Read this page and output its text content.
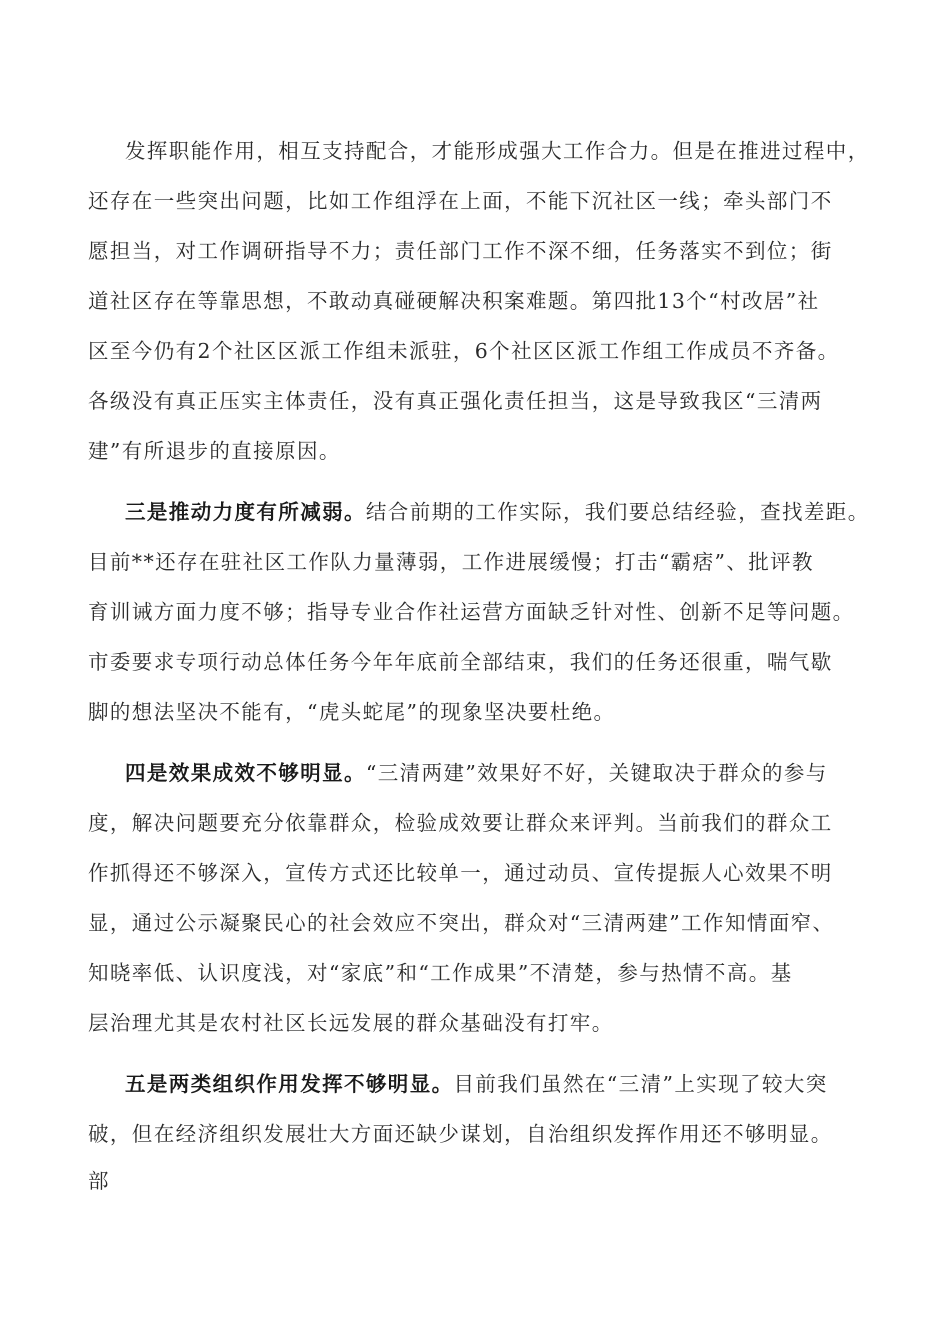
发挥职能作用，相互支持配合，才能形成强大工作合力。但是在推进过程中，
还存在一些突出问题，比如工作组浮在上面，不能下沉社区一线；牵头部门不
愿担当，对工作调研指导不力；责任部门工作不深不细，任务落实不到位；街
道社区存在等靠思想，不敢动真碰硬解决积案难题。第四批13个“村改居”社
区至今仍有2个社区区派工作组未派驻，6个社区区派工作组工作成员不齐备。
各级没有真正压实主体责任，没有真正强化责任担当，这是导致我区“三清两
建”有所退步的直接原因。
三是推动力度有所减弱。结合前期的工作实际，我们要总结经验，查找差距。
目前**还存在驻社区工作队力量薄弱，工作进展缓慢；打击“霸痞”、批评教
育训诫方面力度不够；指导专业合作社运营方面缺乏针对性、创新不足等问题。
市委要求专项行动总体任务今年年底前全部结束，我们的任务还很重，喘气歇
脚的想法坚决不能有，“虎头蛇尾”的现象坚决要杜绝。
四是效果成效不够明显。“三清两建”效果好不好，关键取决于群众的参与
度，解决问题要充分依靠群众，检验成效要让群众来评判。当前我们的群众工
作抓得还不够深入，宣传方式还比较单一，通过动员、宣传提振人心效果不明
显，通过公示凝聚民心的社会效应不突出，群众对“三清两建”工作知情面窄、
知晓率低、认识度浅，对“家底”和“工作成果”不清楚，参与热情不高。基
层治理尤其是农村社区长远发展的群众基础没有打牢。
五是两类组织作用发挥不够明显。目前我们虽然在“三清”上实现了较大突
破，但在经济组织发展壮大方面还缺少谋划，自治组织发挥作用还不够明显。
部
